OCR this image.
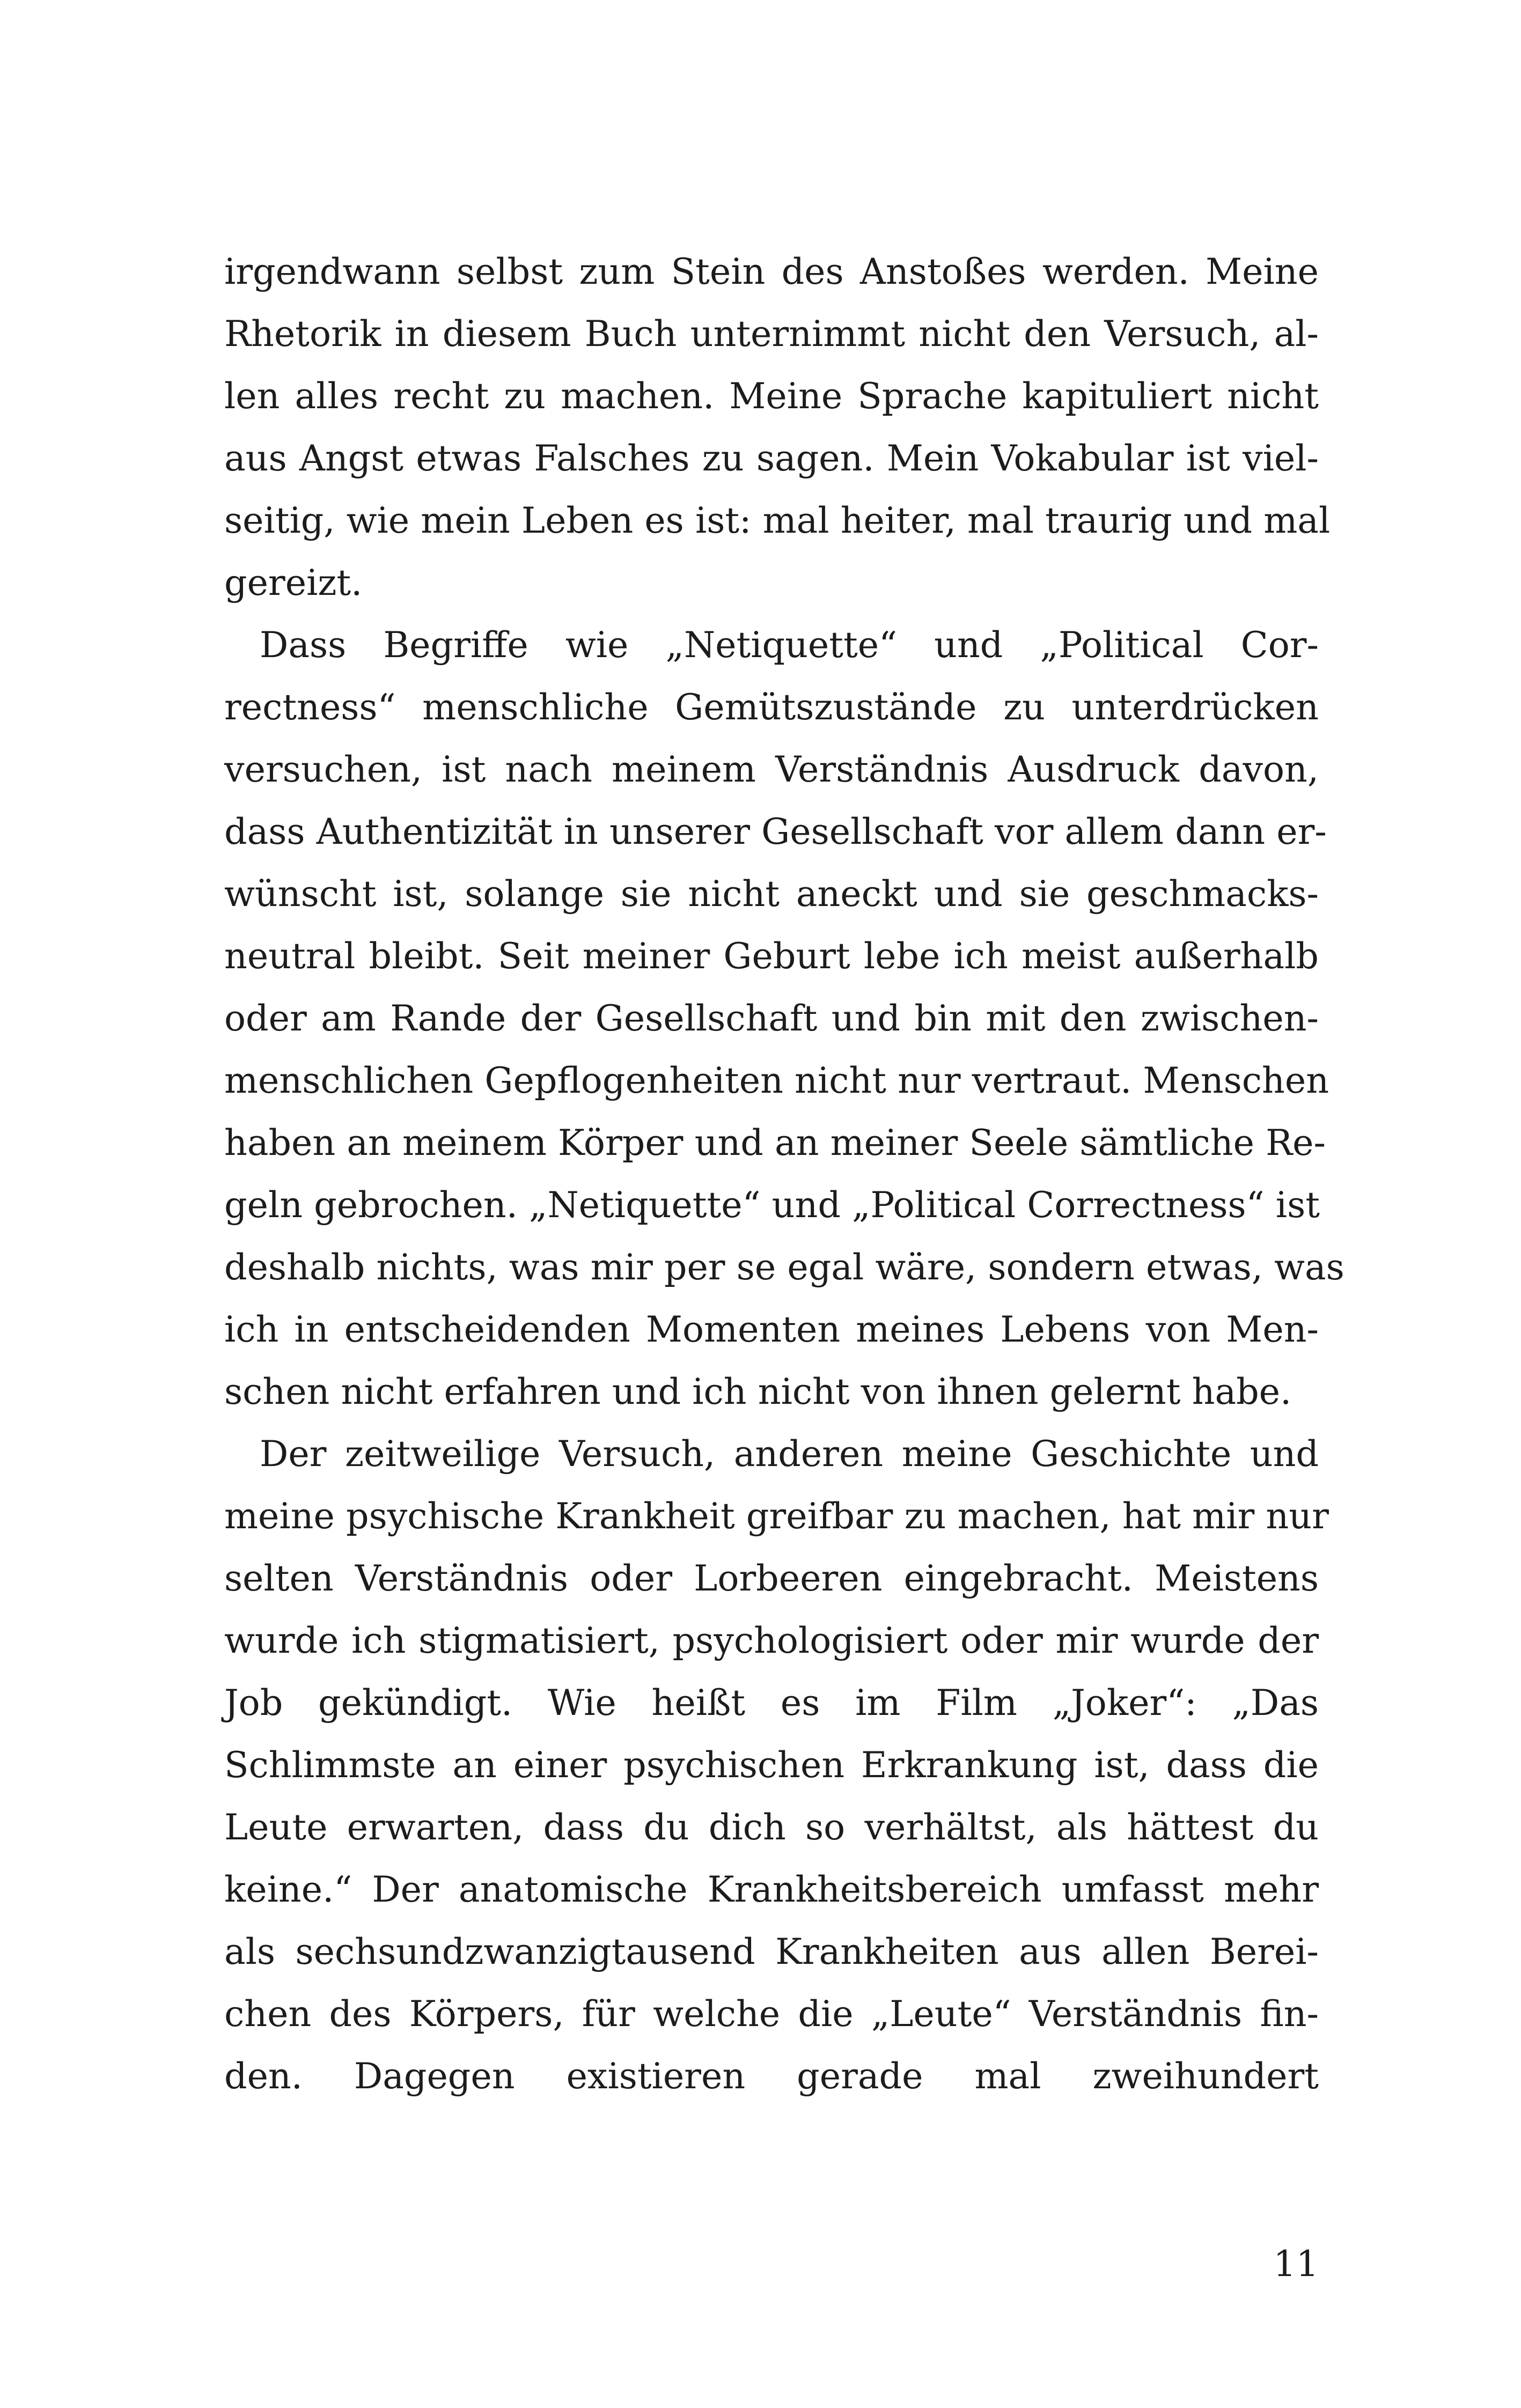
irgendwann selbst zum Stein des Anstoßes werden. Meine
Rhetorik in diesem Buch unternimmt nicht den Versuch, al-
len alles recht zu machen. Meine Sprache kapituliert nicht
aus Angst etwas Falsches zu sagen. Mein Vokabular ist viel-
seitig, wie mein Leben es ist: mal heiter, mal traurig und mal
gereizt.
Dass Begriffe wie „Netiquette“ und „Political Cor-
rectness“ menschliche Gemütszustände zu unterdrücken
versuchen, ist nach meinem Verständnis Ausdruck davon,
dass Authentizität in unserer Gesellschaft vor allem dann er-
wünscht ist, solange sie nicht aneckt und sie geschmacks-
neutral bleibt. Seit meiner Geburt lebe ich meist außerhalb
oder am Rande der Gesellschaft und bin mit den zwischen-
menschlichen Gepflogenheiten nicht nur vertraut. Menschen
haben an meinem Körper und an meiner Seele sämtliche Re-
geln gebrochen. „Netiquette“ und „Political Correctness“ ist
deshalb nichts, was mir per se egal wäre, sondern etwas, was
ich in entscheidenden Momenten meines Lebens von Men-
schen nicht erfahren und ich nicht von ihnen gelernt habe.
Der zeitweilige Versuch, anderen meine Geschichte und
meine psychische Krankheit greifbar zu machen, hat mir nur
selten Verständnis oder Lorbeeren eingebracht. Meistens
wurde ich stigmatisiert, psychologisiert oder mir wurde der
Job gekündigt. Wie heißt es im Film „Joker“: „Das
Schlimmste an einer psychischen Erkrankung ist, dass die
Leute erwarten, dass du dich so verhältst, als hättest du
keine.“ Der anatomische Krankheitsbereich umfasst mehr
als sechsundzwanzigtausend Krankheiten aus allen Berei-
chen des Körpers, für welche die „Leute“ Verständnis fin-
den. Dagegen existieren gerade mal zweihundert
11
